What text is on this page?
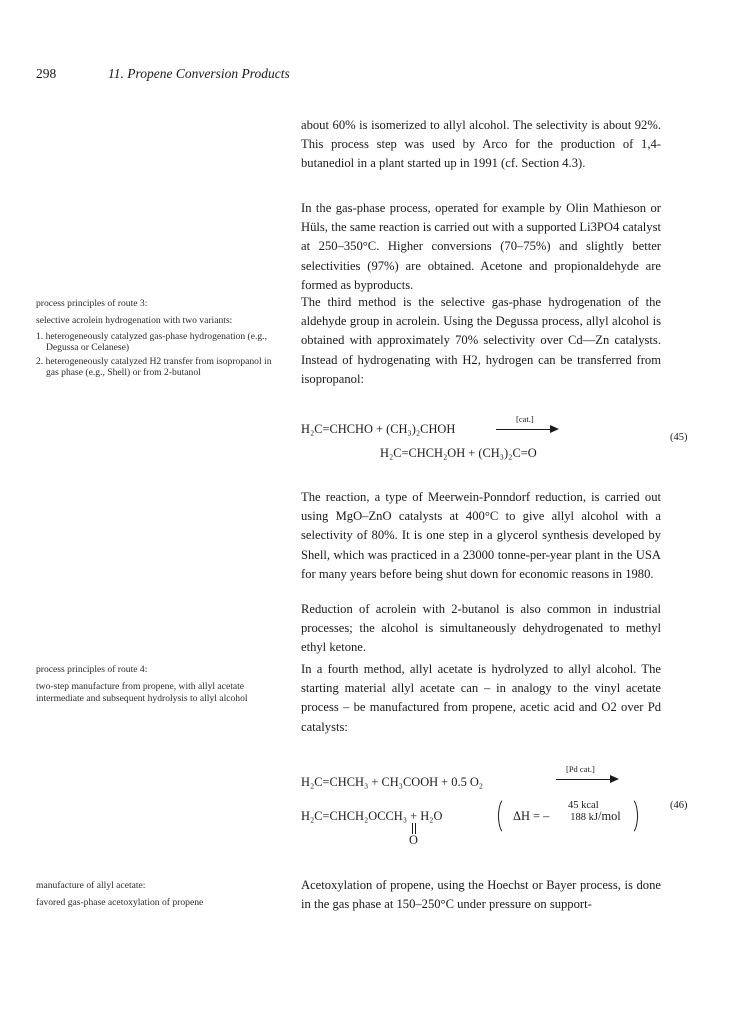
298	11. Propene Conversion Products

about 60% is isomerized to allyl alcohol. The selectivity is about 92%. This process step was used by Arco for the production of 1,4-butanediol in a plant started up in 1991 (cf. Section 4.3).

In the gas-phase process, operated for example by Olin Mathieson or Hüls, the same reaction is carried out with a supported Li3PO4 catalyst at 250–350°C. Higher conversions (70–75%) and slightly better selectivities (97%) are obtained. Acetone and propionaldehyde are formed as byproducts.

The third method is the selective gas-phase hydrogenation of the aldehyde group in acrolein. Using the Degussa process, allyl alcohol is obtained with approximately 70% selectivity over Cd—Zn catalysts. Instead of hydrogenating with H2, hydrogen can be transferred from isopropanol:

H₂C=CHCHO + (CH₃)₂CHOH
[cat.]
H₂C=CHCH₂OH + (CH₃)₂C=O
(45)

The reaction, a type of Meerwein-Ponndorf reduction, is carried out using MgO–ZnO catalysts at 400°C to give allyl alcohol with a selectivity of 80%. It is one step in a glycerol synthesis developed by Shell, which was practiced in a 23000 tonne-per-year plant in the USA for many years before being shut down for economic reasons in 1980.

Reduction of acrolein with 2-butanol is also common in industrial processes; the alcohol is simultaneously dehydrogenated to methyl ethyl ketone.

In a fourth method, allyl acetate is hydrolyzed to allyl alcohol. The starting material allyl acetate can – in analogy to the vinyl acetate process – be manufactured from propene, acetic acid and O2 over Pd catalysts:

H₂C=CHCH₃ + CH₃COOH + 0.5 O₂
[Pd cat.]
H₂C=CHCH₂OCCH₃ + H₂O
O
ΔH = –
45 kcal
188 kJ /mol
(46)

Acetoxylation of propene, using the Hoechst or Bayer process, is done in the gas phase at 150–250°C under pressure on support-

process principles of route 3:

selective acrolein hydrogenation with two variants:

1. heterogeneously catalyzed gas-phase hydrogenation (e.g., Degussa or Celanese)

2. heterogeneously catalyzed H2 transfer from isopropanol in gas phase (e.g., Shell) or from 2-butanol

process principles of route 4:

two-step manufacture from propene, with allyl acetate intermediate and subsequent hydrolysis to allyl alcohol

manufacture of allyl acetate:

favored gas-phase acetoxylation of propene
